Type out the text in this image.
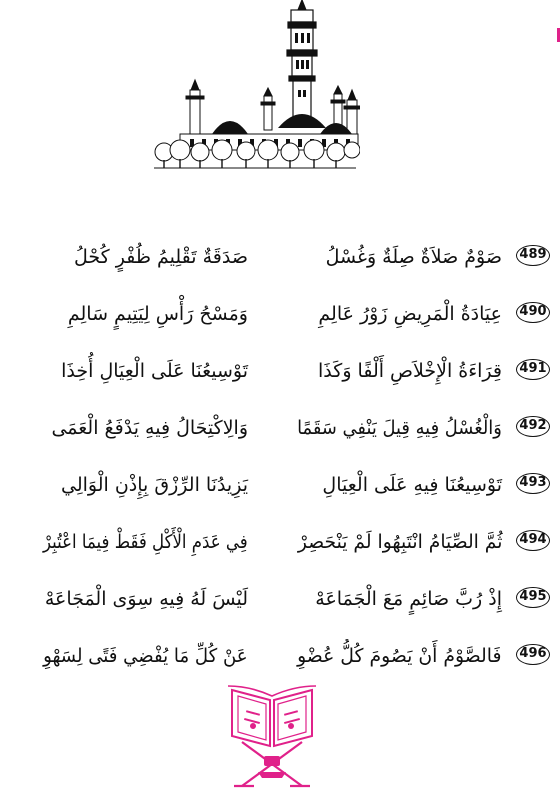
489
صَوْمٌ صَلاَةٌ صِلَةٌ وَغُسْلُ
صَدَقَةٌ تَقْلِيمُ ظُفْرٍ كُحْلُ
490
عِيَادَةُ الْمَرِيضِ زَوْرُ عَالِمِ
وَمَسْحُ رَأْسِ لِيَتِيمٍ سَالِمِ
491
قِرَاءَةُ الْإِخْلاَصِ أَلْفًا وَكَذَا
تَوْسِيعُنَا عَلَى الْعِيَالِ أُخِذَا
492
وَالْغُسْلُ فِيهِ قِيلَ يَنْفِي سَقَمًا
وَالِاكْتِحَالُ فِيهِ يَدْفَعُ الْعَمَى
493
تَوْسِيعُنَا فِيهِ عَلَى الْعِيَالِ
يَزِيدُنَا الرِّزْقَ بِإِذْنِ الْوَالِي
494
ثُمَّ الصِّيَامُ انْتَبِهُوا لَمْ يَنْحَصِرْ
فِي عَدَمِ الْأَكْلِ فَقَطْ فِيمَا اعْتُبِرْ
495
إِذْ رُبَّ صَائِمٍ مَعَ الْجَمَاعَهْ
لَيْسَ لَهُ فِيهِ سِوَى الْمَجَاعَهْ
496
فَالصَّوْمُ أَنْ يَصُومَ كُلُّ عُضْوِ
عَنْ كُلِّ مَا يُفْضِي فَتًى لِسَهْوِ
